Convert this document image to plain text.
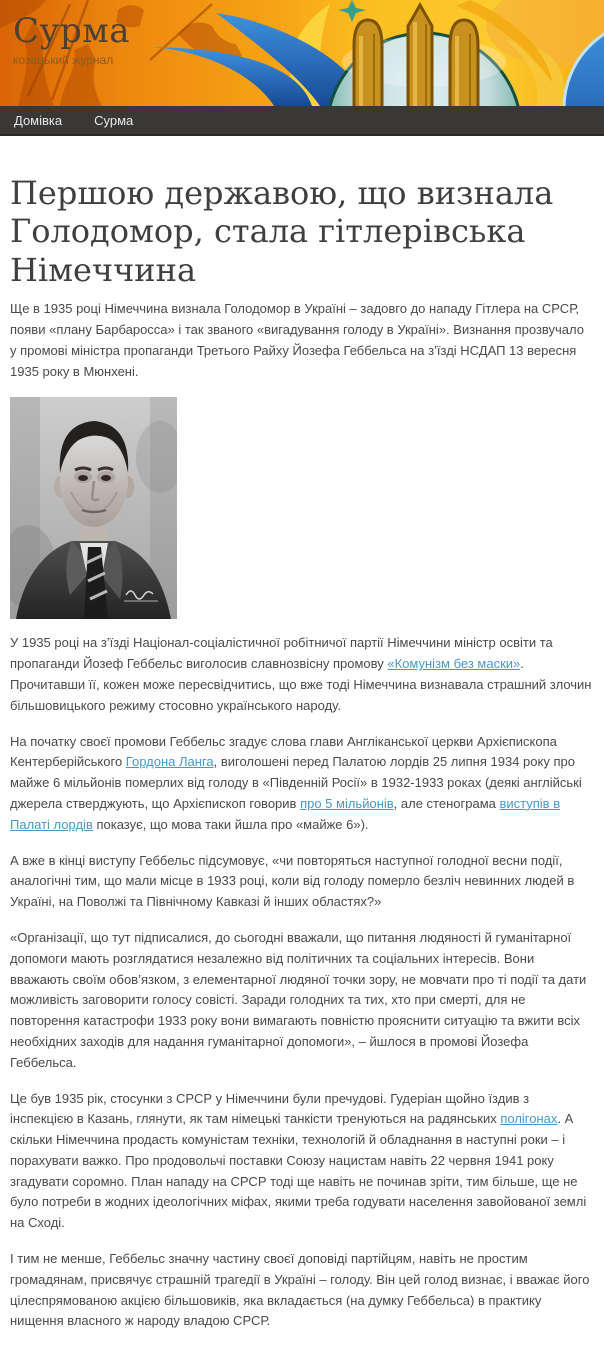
Сурма
козацький журнал
Домівка Сурма
Першою державою, що визнала Голодомор, стала гітлерівська Німеччина

Ще в 1935 році Німеччина визнала Голодомор в Україні – задовго до нападу Гітлера на СРСР, появи «плану Барбаросса» і так званого «вигадування голоду в Україні». Визнання прозвучало у промові міністра пропаганди Третього Райху Йозефа Геббельса на з’їзді НСДАП 13 вересня 1935 року в Мюнхені.

У 1935 році на з’їзді Націонал-соціалістичної робітничої партії Німеччини міністр освіти та пропаганди Йозеф Геббельс виголосив славнозвісну промову «Комунізм без маски». Прочитавши її, кожен може пересвідчитись, що вже тоді Німеччина визнавала страшний злочин більшовицького режиму стосовно українського народу.

На початку своєї промови Геббельс згадує слова глави Англіканської церкви Архієпископа Кентерберійського Гордона Ланга, виголошені перед Палатою лордів 25 липня 1934 року про майже 6 мільйонів померлих від голоду в «Південній Росії» в 1932-1933 роках (деякі англійські джерела стверджують, що Архієпископ говорив про 5 мільйонів, але стенограма виступів в Палаті лордів показує, що мова таки йшла про «майже 6»).

А вже в кінці виступу Геббельс підсумовує, «чи повторяться наступної голодної весни події, аналогічні тим, що мали місце в 1933 році, коли від голоду померло безліч невинних людей в Україні, на Поволжі та Північному Кавказі й інших областях?»

«Організації, що тут підписалися, до сьогодні вважали, що питання людяності й гуманітарної допомоги мають розглядатися незалежно від політичних та соціальних інтересів. Вони вважають своїм обов’язком, з елементарної людяної точки зору, не мовчати про ті події та дати можливість заговорити голосу совісті. Заради голодних та тих, хто при смерті, для не повторення катастрофи 1933 року вони вимагають повністю прояснити ситуацію та вжити всіх необхідних заходів для надання гуманітарної допомоги», – йшлося в промові Йозефа Геббельса.

Це був 1935 рік, стосунки з СРСР у Німеччини були пречудові. Гудеріан щойно їздив з інспекцією в Казань, глянути, як там німецькі танкісти тренуються на радянських полігонах. А скільки Німеччина продасть комуністам техніки, технологій й обладнання в наступні роки – і порахувати важко. Про продовольчі поставки Союзу нацистам навіть 22 червня 1941 року згадувати соромно. План нападу на СРСР тоді ще навіть не починав зріти, тим більше, ще не було потреби в жодних ідеологічних міфах, якими треба годувати населення завойованої землі на Сході.

І тим не менше, Геббельс значну частину своєї доповіді партійцям, навіть не простим громадянам, присвячує страшній трагедії в Україні – голоду. Він цей голод визнає, і вважає його цілеспрямованою акцією більшовиків, яка вкладається (на думку Геббельса) в практику нищення власного ж народу владою СРСР.
